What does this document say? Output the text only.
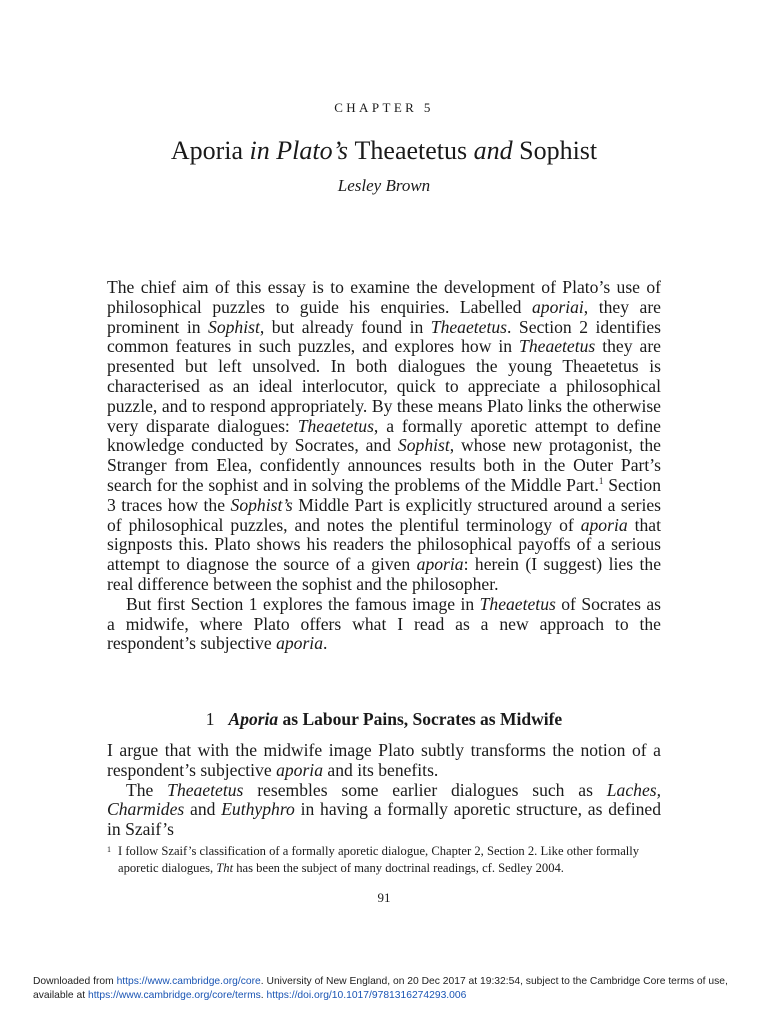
CHAPTER 5
Aporia in Plato’s Theaetetus and Sophist
Lesley Brown

The chief aim of this essay is to examine the development of Plato’s use of philosophical puzzles to guide his enquiries. Labelled aporiai, they are prominent in Sophist, but already found in Theaetetus. Section 2 identifies common features in such puzzles, and explores how in Theaetetus they are presented but left unsolved. In both dialogues the young Theaetetus is characterised as an ideal interlocutor, quick to appreciate a philosophical puzzle, and to respond appropriately. By these means Plato links the otherwise very disparate dialogues: Theaetetus, a formally aporetic attempt to define knowledge conducted by Socrates, and Sophist, whose new protagonist, the Stranger from Elea, confidently announces results both in the Outer Part’s search for the sophist and in solving the problems of the Middle Part.$^1$ Section 3 traces how the Sophist’s Middle Part is explicitly structured around a series of philosophical puzzles, and notes the plentiful terminology of aporia that signposts this. Plato shows his readers the philosophical payoffs of a serious attempt to diagnose the source of a given aporia: herein (I suggest) lies the real difference between the sophist and the philosopher.

But first Section 1 explores the famous image in Theaetetus of Socrates as a midwife, where Plato offers what I read as a new approach to the respondent’s subjective aporia.

1 Aporia as Labour Pains, Socrates as Midwife

I argue that with the midwife image Plato subtly transforms the notion of a respondent’s subjective aporia and its benefits.

The Theaetetus resembles some earlier dialogues such as Laches, Charmides and Euthyphro in having a formally aporetic structure, as defined in Szaif’s

1 I follow Szaif’s classification of a formally aporetic dialogue, Chapter 2, Section 2. Like other formally aporetic dialogues, Tht has been the subject of many doctrinal readings, cf. Sedley 2004.
91
Downloaded from https://www.cambridge.org/core. University of New England, on 20 Dec 2017 at 19:32:54, subject to the Cambridge Core terms of use, available at https://www.cambridge.org/core/terms. https://doi.org/10.1017/9781316274293.006
